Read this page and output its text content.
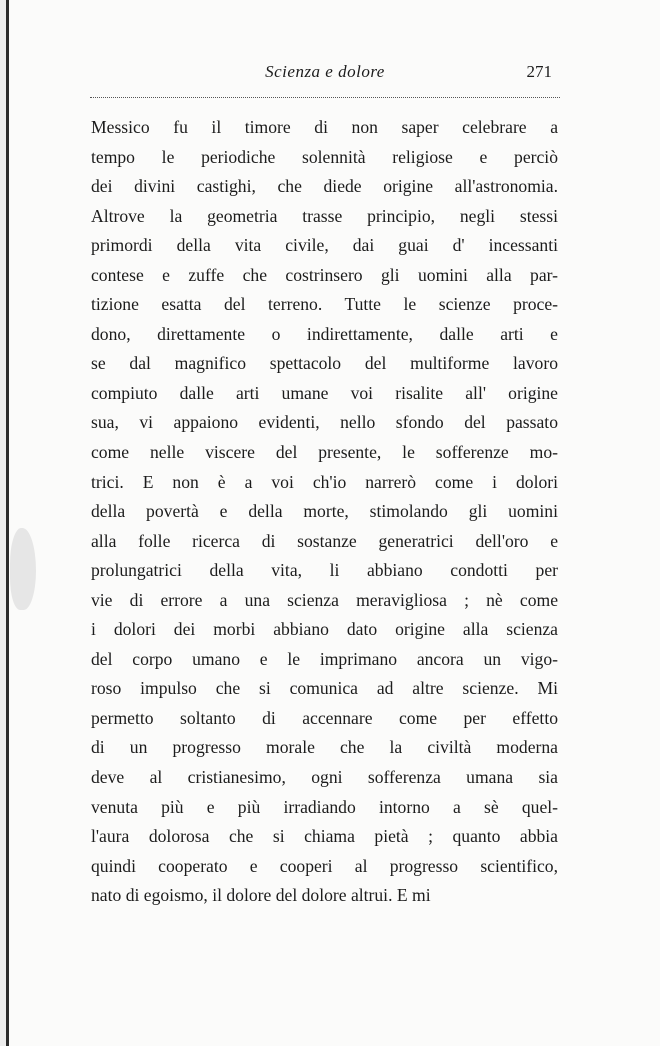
Scienza e dolore	271
Messico fu il timore di non saper celebrare a
tempo le periodiche solennità religiose e perciò
dei divini castighi, che diede origine all'astronomia.
Altrove la geometria trasse principio, negli stessi
primordi della vita civile, dai guai d' incessanti
contese e zuffe che costrinsero gli uomini alla par-
tizione esatta del terreno. Tutte le scienze proce-
dono, direttamente o indirettamente, dalle arti e
se dal magnifico spettacolo del multiforme lavoro
compiuto dalle arti umane voi risalite all' origine
sua, vi appaiono evidenti, nello sfondo del passato
come nelle viscere del presente, le sofferenze mo-
trici. E non è a voi ch'io narrerò come i dolori
della povertà e della morte, stimolando gli uomini
alla folle ricerca di sostanze generatrici dell'oro e
prolungatrici della vita, li abbiano condotti per
vie di errore a una scienza meravigliosa ; nè come
i dolori dei morbi abbiano dato origine alla scienza
del corpo umano e le imprimano ancora un vigo-
roso impulso che si comunica ad altre scienze. Mi
permetto soltanto di accennare come per effetto
di un progresso morale che la civiltà moderna
deve al cristianesimo, ogni sofferenza umana sia
venuta più e più irradiando intorno a sè quel-
l'aura dolorosa che si chiama pietà ; quanto abbia
quindi cooperato e cooperi al progresso scientifico,
nato di egoismo, il dolore del dolore altrui. E mi
